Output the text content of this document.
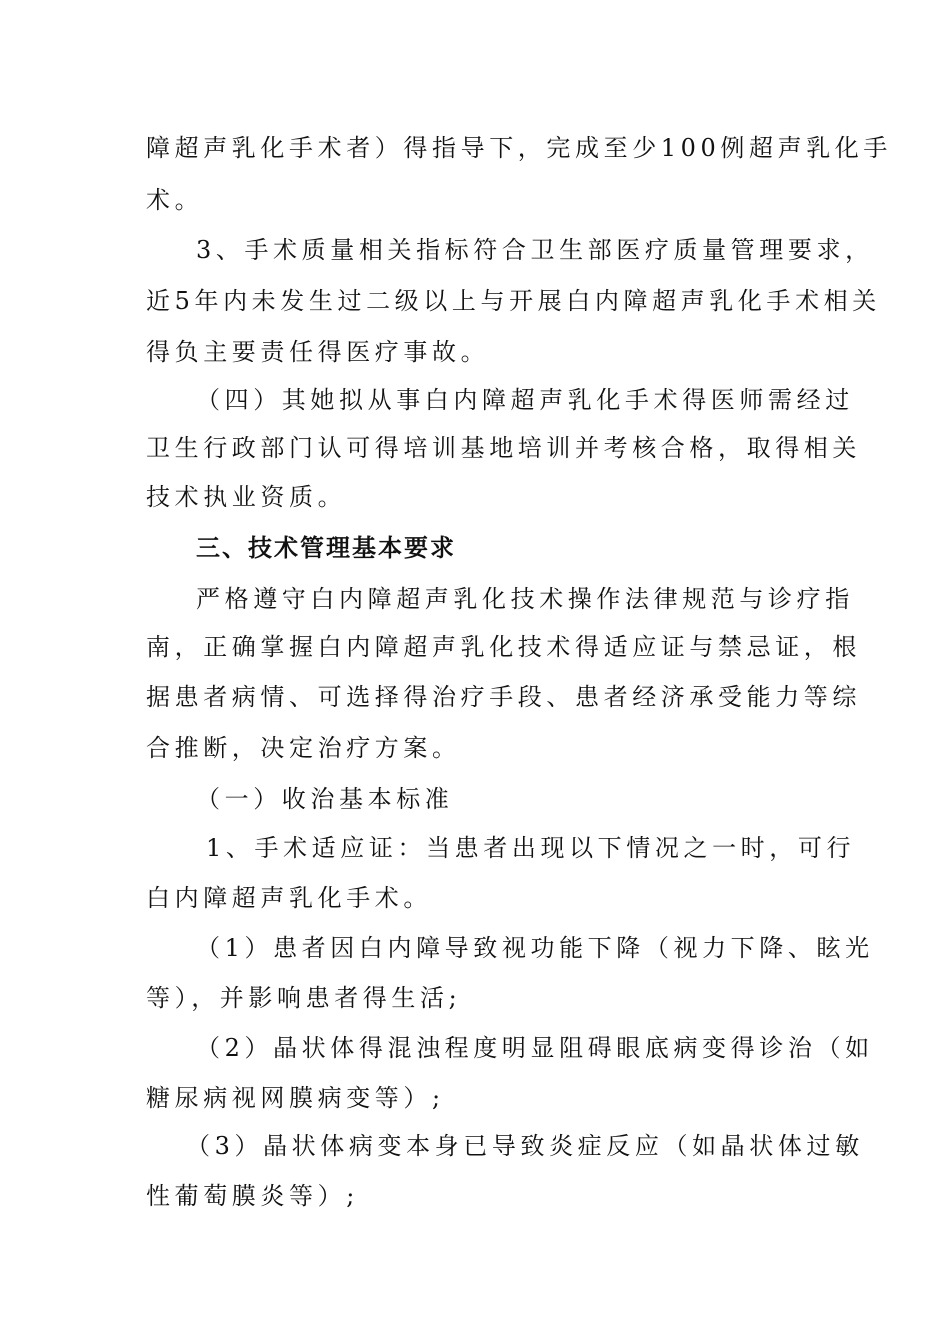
障超声乳化手术者）得指导下，完成至少100例超声乳化手
术。
3、手术质量相关指标符合卫生部医疗质量管理要求，
近5年内未发生过二级以上与开展白内障超声乳化手术相关
得负主要责任得医疗事故。
（四）其她拟从事白内障超声乳化手术得医师需经过
卫生行政部门认可得培训基地培训并考核合格，取得相关
技术执业资质。
三、技术管理基本要求
严格遵守白内障超声乳化技术操作法律规范与诊疗指
南，正确掌握白内障超声乳化技术得适应证与禁忌证，根
据患者病情、可选择得治疗手段、患者经济承受能力等综
合推断，决定治疗方案。
（一）收治基本标准
1、手术适应证：当患者出现以下情况之一时，可行
白内障超声乳化手术。
（1）患者因白内障导致视功能下降（视力下降、眩光
等），并影响患者得生活;
（2）晶状体得混浊程度明显阻碍眼底病变得诊治（如
糖尿病视网膜病变等）;
（3）晶状体病变本身已导致炎症反应（如晶状体过敏
性葡萄膜炎等）;
